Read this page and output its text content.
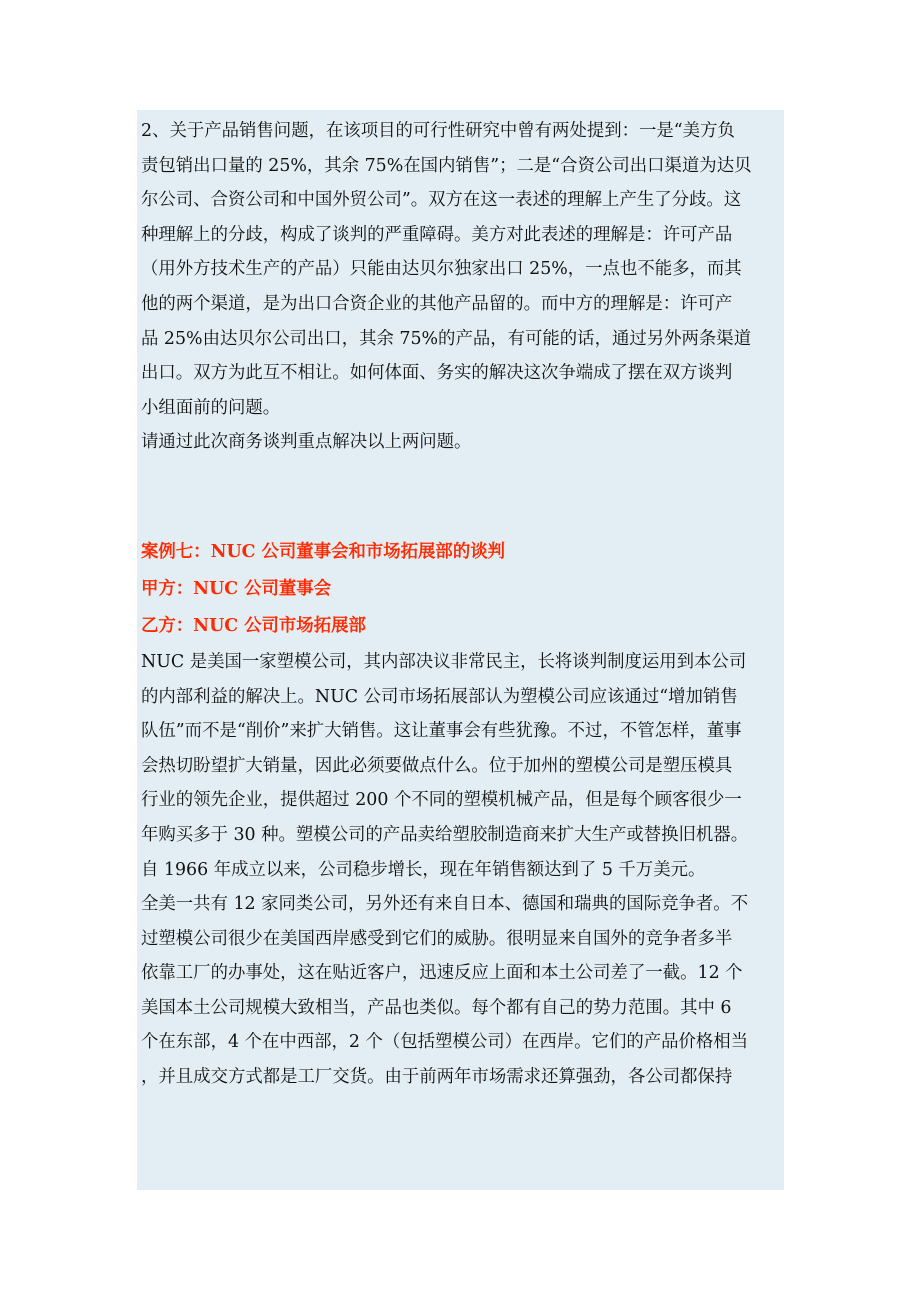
2、关于产品销售问题，在该项目的可行性研究中曾有两处提到：一是“美方负
责包销出口量的 25%，其余 75%在国内销售”；二是“合资公司出口渠道为达贝
尔公司、合资公司和中国外贸公司”。双方在这一表述的理解上产生了分歧。这
种理解上的分歧，构成了谈判的严重障碍。美方对此表述的理解是：许可产品
（用外方技术生产的产品）只能由达贝尔独家出口 25%，一点也不能多，而其
他的两个渠道，是为出口合资企业的其他产品留的。而中方的理解是：许可产
品 25%由达贝尔公司出口，其余 75%的产品，有可能的话，通过另外两条渠道
出口。双方为此互不相让。如何体面、务实的解决这次争端成了摆在双方谈判
小组面前的问题。
请通过此次商务谈判重点解决以上两问题。
案例七：NUC 公司董事会和市场拓展部的谈判
甲方：NUC 公司董事会
乙方：NUC 公司市场拓展部
NUC 是美国一家塑模公司，其内部决议非常民主，长将谈判制度运用到本公司
的内部利益的解决上。NUC 公司市场拓展部认为塑模公司应该通过“增加销售
队伍”而不是“削价”来扩大销售。这让董事会有些犹豫。不过，不管怎样，董事
会热切盼望扩大销量，因此必须要做点什么。位于加州的塑模公司是塑压模具
行业的领先企业，提供超过 200 个不同的塑模机械产品，但是每个顾客很少一
年购买多于 30 种。塑模公司的产品卖给塑胶制造商来扩大生产或替换旧机器。
自 1966 年成立以来，公司稳步增长，现在年销售额达到了 5 千万美元。
全美一共有 12 家同类公司，另外还有来自日本、德国和瑞典的国际竞争者。不
过塑模公司很少在美国西岸感受到它们的威胁。很明显来自国外的竞争者多半
依靠工厂的办事处，这在贴近客户，迅速反应上面和本土公司差了一截。12 个
美国本土公司规模大致相当，产品也类似。每个都有自己的势力范围。其中 6
个在东部，4 个在中西部，2 个（包括塑模公司）在西岸。它们的产品价格相当
，并且成交方式都是工厂交货。由于前两年市场需求还算强劲，各公司都保持
